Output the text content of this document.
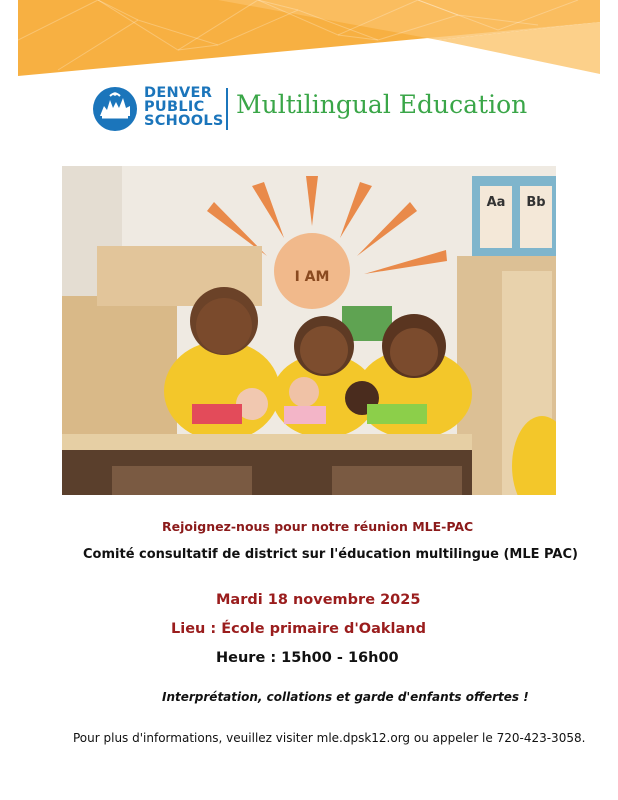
DENVER
PUBLIC
SCHOOLS
Multilingual Education
I AM
Aa Bb
Rejoignez-nous pour notre réunion MLE-PAC
Comité consultatif de district sur l'éducation multilingue (MLE PAC)
Mardi 18 novembre 2025
Lieu : École primaire d'Oakland
Heure : 15h00 - 16h00
Interprétation, collations et garde d'enfants offertes !
Pour plus d'informations, veuillez visiter mle.dpsk12.org ou appeler le 720-423-3058.
